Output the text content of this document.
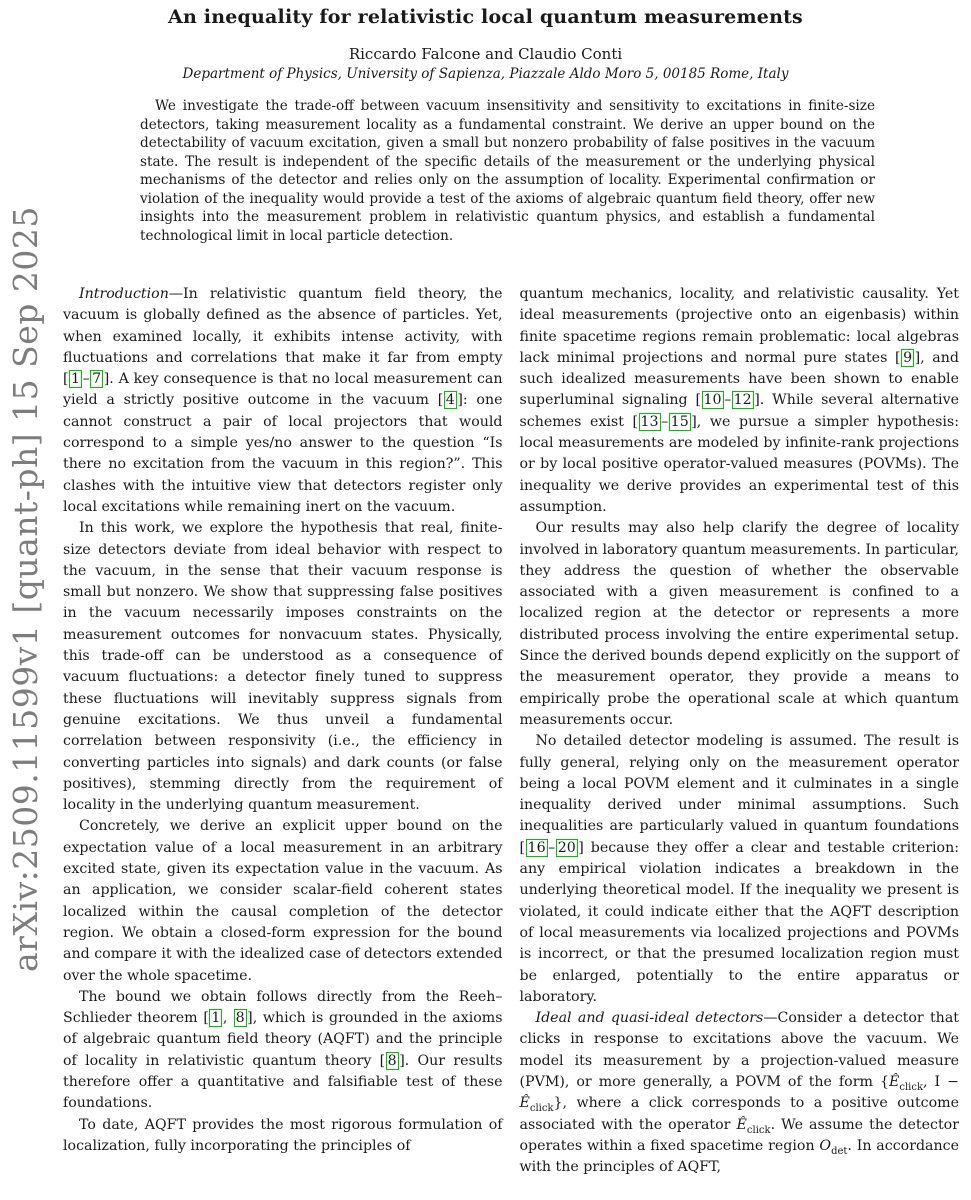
arXiv:2509.11599v1 [quant-ph] 15 Sep 2025
An inequality for relativistic local quantum measurements
Riccardo Falcone and Claudio Conti
Department of Physics, University of Sapienza, Piazzale Aldo Moro 5, 00185 Rome, Italy
We investigate the trade-off between vacuum insensitivity and sensitivity to excitations in finite-size detectors, taking measurement locality as a fundamental constraint. We derive an upper bound on the detectability of vacuum excitation, given a small but nonzero probability of false positives in the vacuum state. The result is independent of the specific details of the measurement or the underlying physical mechanisms of the detector and relies only on the assumption of locality. Experimental confirmation or violation of the inequality would provide a test of the axioms of algebraic quantum field theory, offer new insights into the measurement problem in relativistic quantum physics, and establish a fundamental technological limit in local particle detection.

Introduction—In relativistic quantum field theory, the vacuum is globally defined as the absence of particles. Yet, when examined locally, it exhibits intense activity, with fluctuations and correlations that make it far from empty [ 1 – 7 ]. A key consequence is that no local measurement can yield a strictly positive outcome in the vacuum [ 4 ]: one cannot construct a pair of local projectors that would correspond to a simple yes/no answer to the question “Is there no excitation from the vacuum in this region?”. This clashes with the intuitive view that detectors register only local excitations while remaining inert on the vacuum.

In this work, we explore the hypothesis that real, finite-size detectors deviate from ideal behavior with respect to the vacuum, in the sense that their vacuum response is small but nonzero. We show that suppressing false positives in the vacuum necessarily imposes constraints on the measurement outcomes for nonvacuum states. Physically, this trade-off can be understood as a consequence of vacuum fluctuations: a detector finely tuned to suppress these fluctuations will inevitably suppress signals from genuine excitations. We thus unveil a fundamental correlation between responsivity (i.e., the efficiency in converting particles into signals) and dark counts (or false positives), stemming directly from the requirement of locality in the underlying quantum measurement.

Concretely, we derive an explicit upper bound on the expectation value of a local measurement in an arbitrary excited state, given its expectation value in the vacuum. As an application, we consider scalar-field coherent states localized within the causal completion of the detector region. We obtain a closed-form expression for the bound and compare it with the idealized case of detectors extended over the whole spacetime.

The bound we obtain follows directly from the Reeh–Schlieder theorem [ 1 , 8 ], which is grounded in the axioms of algebraic quantum field theory (AQFT) and the principle of locality in relativistic quantum theory [ 8 ]. Our results therefore offer a quantitative and falsifiable test of these foundations.

To date, AQFT provides the most rigorous formulation of localization, fully incorporating the principles of

quantum mechanics, locality, and relativistic causality. Yet ideal measurements (projective onto an eigenbasis) within finite spacetime regions remain problematic: local algebras lack minimal projections and normal pure states [ 9 ], and such idealized measurements have been shown to enable superluminal signaling [ 10 – 12 ]. While several alternative schemes exist [ 13 – 15 ], we pursue a simpler hypothesis: local measurements are modeled by infinite-rank projections or by local positive operator-valued measures (POVMs). The inequality we derive provides an experimental test of this assumption.

Our results may also help clarify the degree of locality involved in laboratory quantum measurements. In particular, they address the question of whether the observable associated with a given measurement is confined to a localized region at the detector or represents a more distributed process involving the entire experimental setup. Since the derived bounds depend explicitly on the support of the measurement operator, they provide a means to empirically probe the operational scale at which quantum measurements occur.

No detailed detector modeling is assumed. The result is fully general, relying only on the measurement operator being a local POVM element and it culminates in a single inequality derived under minimal assumptions. Such inequalities are particularly valued in quantum foundations [ 16 – 20 ] because they offer a clear and testable criterion: any empirical violation indicates a breakdown in the underlying theoretical model. If the inequality we present is violated, it could indicate either that the AQFT description of local measurements via localized projections and POVMs is incorrect, or that the presumed localization region must be enlarged, potentially to the entire apparatus or laboratory.

Ideal and quasi-ideal detectors—Consider a detector that clicks in response to excitations above the vacuum. We model its measurement by a projection-valued measure (PVM), or more generally, a POVM of the form {$Ê_{click}$, $I - Ê_{click}$}, where a click corresponds to a positive outcome associated with the operator $Ê_{click}$. We assume the detector operates within a fixed spacetime region $O_{det}$. In accordance with the principles of AQFT,
